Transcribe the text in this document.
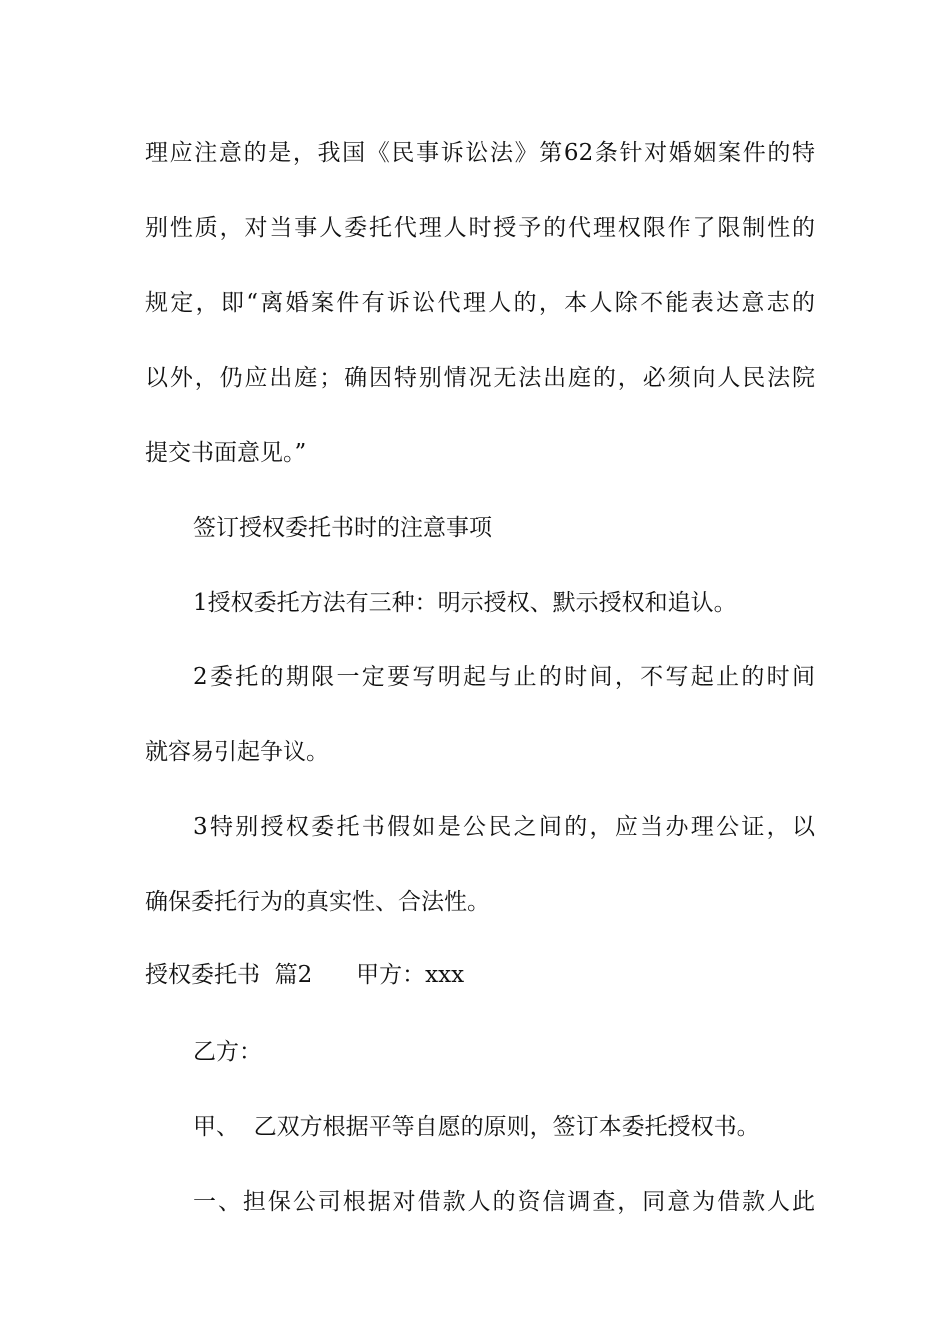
理应注意的是，我国《民事诉讼法》第62条针对婚姻案件的特
别性质，对当事人委托代理人时授予的代理权限作了限制性的
规定，即“离婚案件有诉讼代理人的，本人除不能表达意志的
以外，仍应出庭；确因特别情况无法出庭的，必须向人民法院
提交书面意见。”
签订授权委托书时的注意事项
1授权委托方法有三种：明示授权、默示授权和追认。
2委托的期限一定要写明起与止的时间，不写起止的时间
就容易引起争议。
3特别授权委托书假如是公民之间的，应当办理公证，以
确保委托行为的真实性、合法性。
授权委托书  篇2      甲方：xxx
乙方：
甲、  乙双方根据平等自愿的原则，签订本委托授权书。
一、担保公司根据对借款人的资信调查，同意为借款人此
